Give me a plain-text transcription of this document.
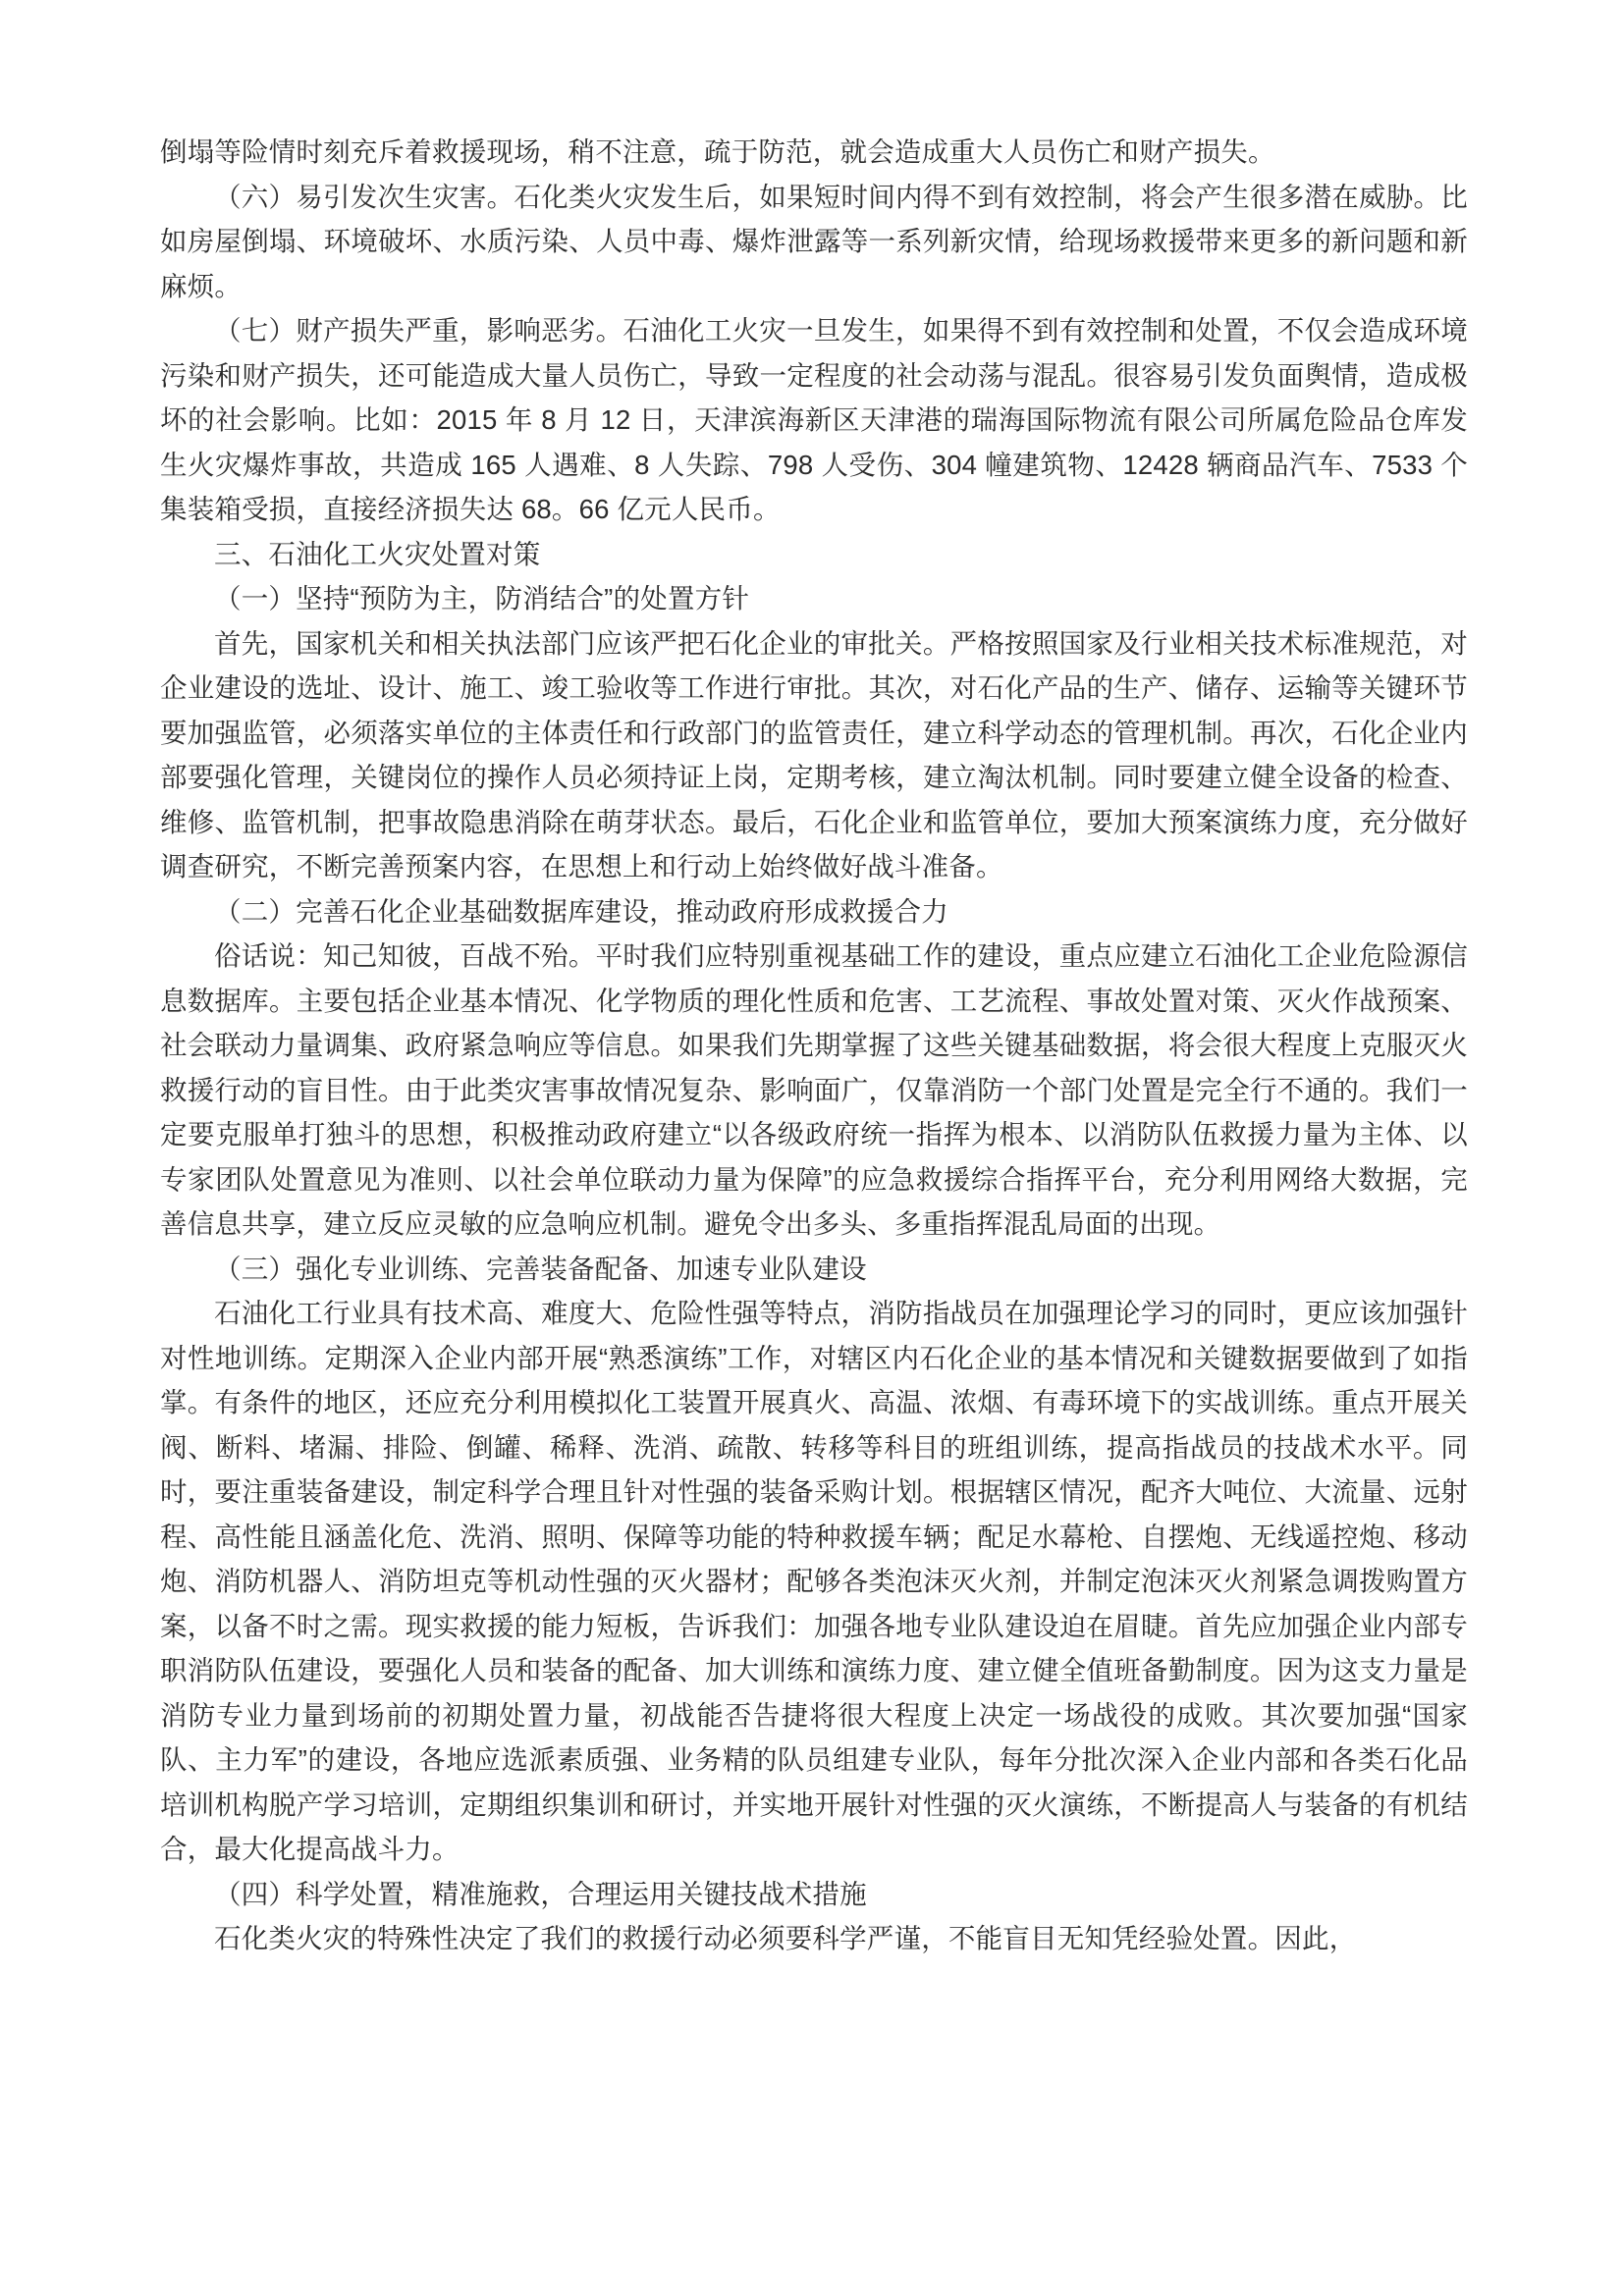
倒塌等险情时刻充斥着救援现场，稍不注意，疏于防范，就会造成重大人员伤亡和财产损失。

（六）易引发次生灾害。石化类火灾发生后，如果短时间内得不到有效控制，将会产生很多潜在威胁。比如房屋倒塌、环境破坏、水质污染、人员中毒、爆炸泄露等一系列新灾情，给现场救援带来更多的新问题和新麻烦。

（七）财产损失严重，影响恶劣。石油化工火灾一旦发生，如果得不到有效控制和处置，不仅会造成环境污染和财产损失，还可能造成大量人员伤亡，导致一定程度的社会动荡与混乱。很容易引发负面舆情，造成极坏的社会影响。比如：2015 年 8 月 12 日，天津滨海新区天津港的瑞海国际物流有限公司所属危险品仓库发生火灾爆炸事故，共造成 165 人遇难、8 人失踪、798 人受伤、304 幢建筑物、12428 辆商品汽车、7533 个集装箱受损，直接经济损失达 68。66 亿元人民币。

三、石油化工火灾处置对策

（一）坚持“预防为主，防消结合”的处置方针

首先，国家机关和相关执法部门应该严把石化企业的审批关。严格按照国家及行业相关技术标准规范，对企业建设的选址、设计、施工、竣工验收等工作进行审批。其次，对石化产品的生产、储存、运输等关键环节要加强监管，必须落实单位的主体责任和行政部门的监管责任，建立科学动态的管理机制。再次，石化企业内部要强化管理，关键岗位的操作人员必须持证上岗，定期考核，建立淘汰机制。同时要建立健全设备的检查、维修、监管机制，把事故隐患消除在萌芽状态。最后，石化企业和监管单位，要加大预案演练力度，充分做好调查研究，不断完善预案内容，在思想上和行动上始终做好战斗准备。

（二）完善石化企业基础数据库建设，推动政府形成救援合力

俗话说：知己知彼，百战不殆。平时我们应特别重视基础工作的建设，重点应建立石油化工企业危险源信息数据库。主要包括企业基本情况、化学物质的理化性质和危害、工艺流程、事故处置对策、灭火作战预案、社会联动力量调集、政府紧急响应等信息。如果我们先期掌握了这些关键基础数据，将会很大程度上克服灭火救援行动的盲目性。由于此类灾害事故情况复杂、影响面广，仅靠消防一个部门处置是完全行不通的。我们一定要克服单打独斗的思想，积极推动政府建立“以各级政府统一指挥为根本、以消防队伍救援力量为主体、以专家团队处置意见为准则、以社会单位联动力量为保障”的应急救援综合指挥平台，充分利用网络大数据，完善信息共享，建立反应灵敏的应急响应机制。避免令出多头、多重指挥混乱局面的出现。

（三）强化专业训练、完善装备配备、加速专业队建设

石油化工行业具有技术高、难度大、危险性强等特点，消防指战员在加强理论学习的同时，更应该加强针对性地训练。定期深入企业内部开展“熟悉演练”工作，对辖区内石化企业的基本情况和关键数据要做到了如指掌。有条件的地区，还应充分利用模拟化工装置开展真火、高温、浓烟、有毒环境下的实战训练。重点开展关阀、断料、堵漏、排险、倒罐、稀释、洗消、疏散、转移等科目的班组训练，提高指战员的技战术水平。同时，要注重装备建设，制定科学合理且针对性强的装备采购计划。根据辖区情况，配齐大吨位、大流量、远射程、高性能且涵盖化危、洗消、照明、保障等功能的特种救援车辆；配足水幕枪、自摆炮、无线遥控炮、移动炮、消防机器人、消防坦克等机动性强的灭火器材；配够各类泡沫灭火剂，并制定泡沫灭火剂紧急调拨购置方案，以备不时之需。现实救援的能力短板，告诉我们：加强各地专业队建设迫在眉睫。首先应加强企业内部专职消防队伍建设，要强化人员和装备的配备、加大训练和演练力度、建立健全值班备勤制度。因为这支力量是消防专业力量到场前的初期处置力量，初战能否告捷将很大程度上决定一场战役的成败。其次要加强“国家队、主力军”的建设，各地应选派素质强、业务精的队员组建专业队，每年分批次深入企业内部和各类石化品培训机构脱产学习培训，定期组织集训和研讨，并实地开展针对性强的灭火演练，不断提高人与装备的有机结合，最大化提高战斗力。

（四）科学处置，精准施救，合理运用关键技战术措施

石化类火灾的特殊性决定了我们的救援行动必须要科学严谨，不能盲目无知凭经验处置。因此，
